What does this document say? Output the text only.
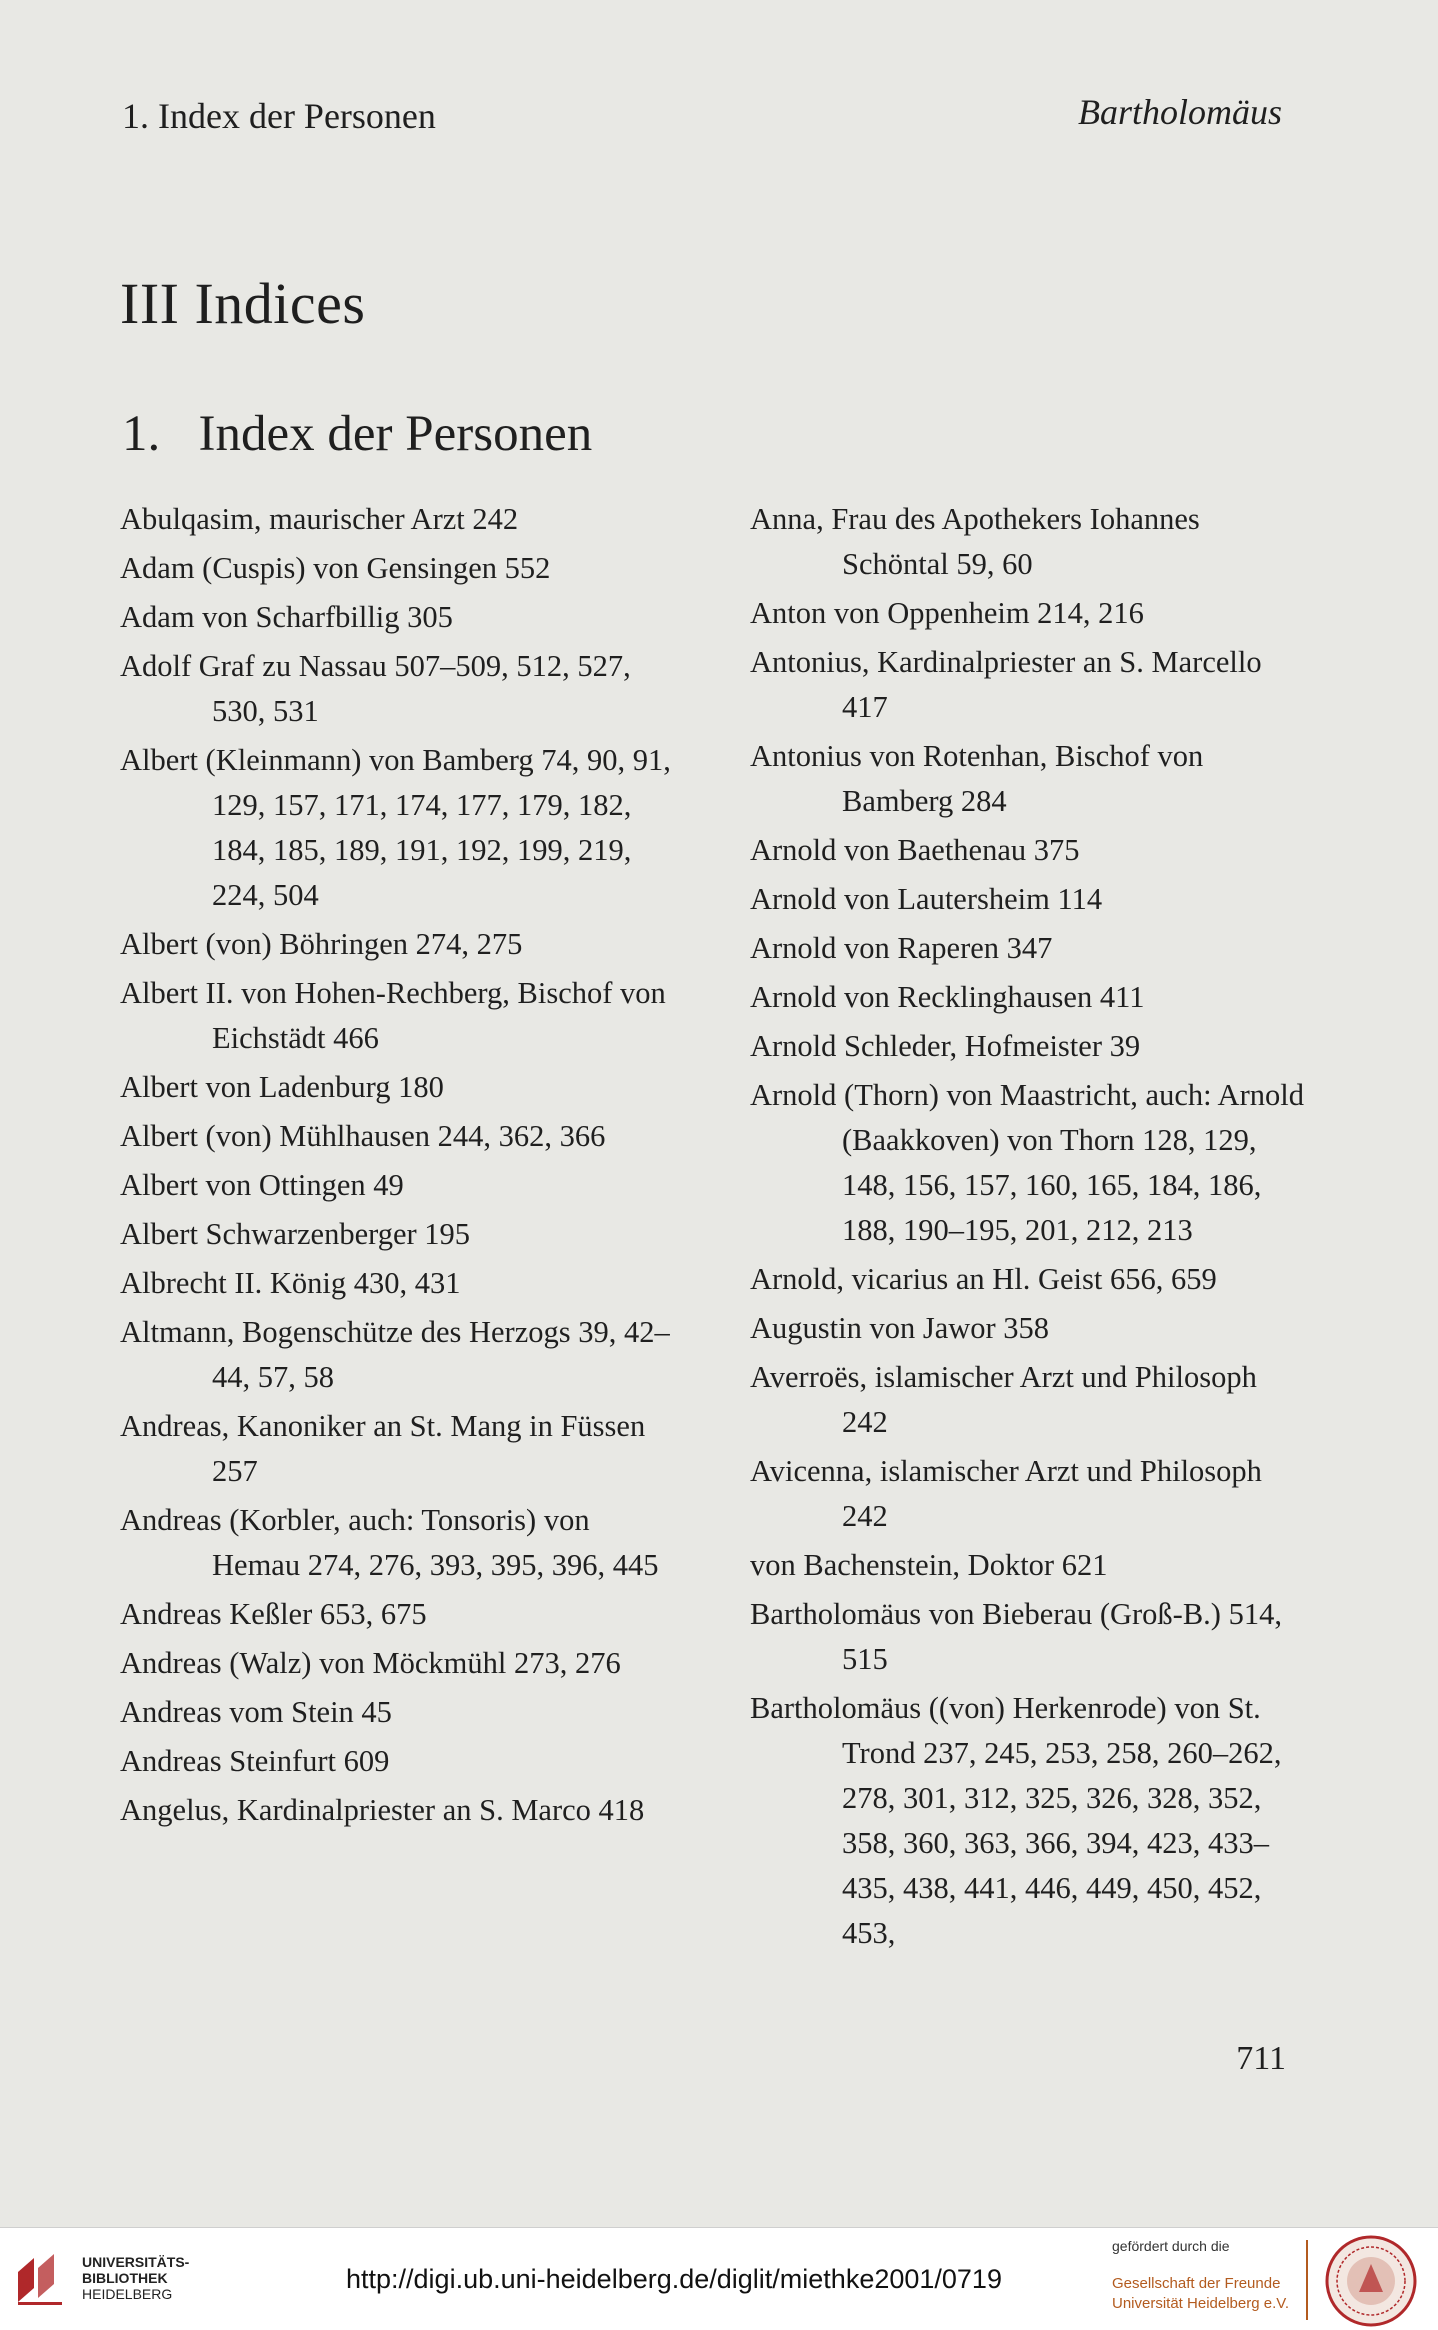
1. Index der Personen	Bartholomäus
III Indices
1.   Index der Personen
Abulqasim, maurischer Arzt 242
Adam (Cuspis) von Gensingen 552
Adam von Scharfbillig 305
Adolf Graf zu Nassau 507–509, 512, 527, 530, 531
Albert (Kleinmann) von Bamberg 74, 90, 91, 129, 157, 171, 174, 177, 179, 182, 184, 185, 189, 191, 192, 199, 219, 224, 504
Albert (von) Böhringen 274, 275
Albert II. von Hohen-Rechberg, Bischof von Eichstädt 466
Albert von Ladenburg 180
Albert (von) Mühlhausen 244, 362, 366
Albert von Ottingen 49
Albert Schwarzenberger 195
Albrecht II. König 430, 431
Altmann, Bogenschütze des Herzogs 39, 42–44, 57, 58
Andreas, Kanoniker an St. Mang in Füssen 257
Andreas (Korbler, auch: Tonsoris) von Hemau 274, 276, 393, 395, 396, 445
Andreas Keßler 653, 675
Andreas (Walz) von Möckmühl 273, 276
Andreas vom Stein 45
Andreas Steinfurt 609
Angelus, Kardinalpriester an S. Marco 418
Anna, Frau des Apothekers Iohannes Schöntal 59, 60
Anton von Oppenheim 214, 216
Antonius, Kardinalpriester an S. Marcello 417
Antonius von Rotenhan, Bischof von Bamberg 284
Arnold von Baethenau 375
Arnold von Lautersheim 114
Arnold von Raperen 347
Arnold von Recklinghausen 411
Arnold Schleder, Hofmeister 39
Arnold (Thorn) von Maastricht, auch: Arnold (Baakkoven) von Thorn 128, 129, 148, 156, 157, 160, 165, 184, 186, 188, 190–195, 201, 212, 213
Arnold, vicarius an Hl. Geist 656, 659
Augustin von Jawor 358
Averroës, islamischer Arzt und Philosoph 242
Avicenna, islamischer Arzt und Philosoph 242
von Bachenstein, Doktor 621
Bartholomäus von Bieberau (Groß-B.) 514, 515
Bartholomäus ((von) Herkenrode) von St. Trond 237, 245, 253, 258, 260–262, 278, 301, 312, 325, 326, 328, 352, 358, 360, 363, 366, 394, 423, 433–435, 438, 441, 446, 449, 450, 452, 453,
711
UNIVERSITÄTS-
BIBLIOTHEK
HEIDELBERG	http://digi.ub.uni-heidelberg.de/diglit/miethke2001/0719
gefördert durch die
Gesellschaft der Freunde
Universität Heidelberg e.V.
